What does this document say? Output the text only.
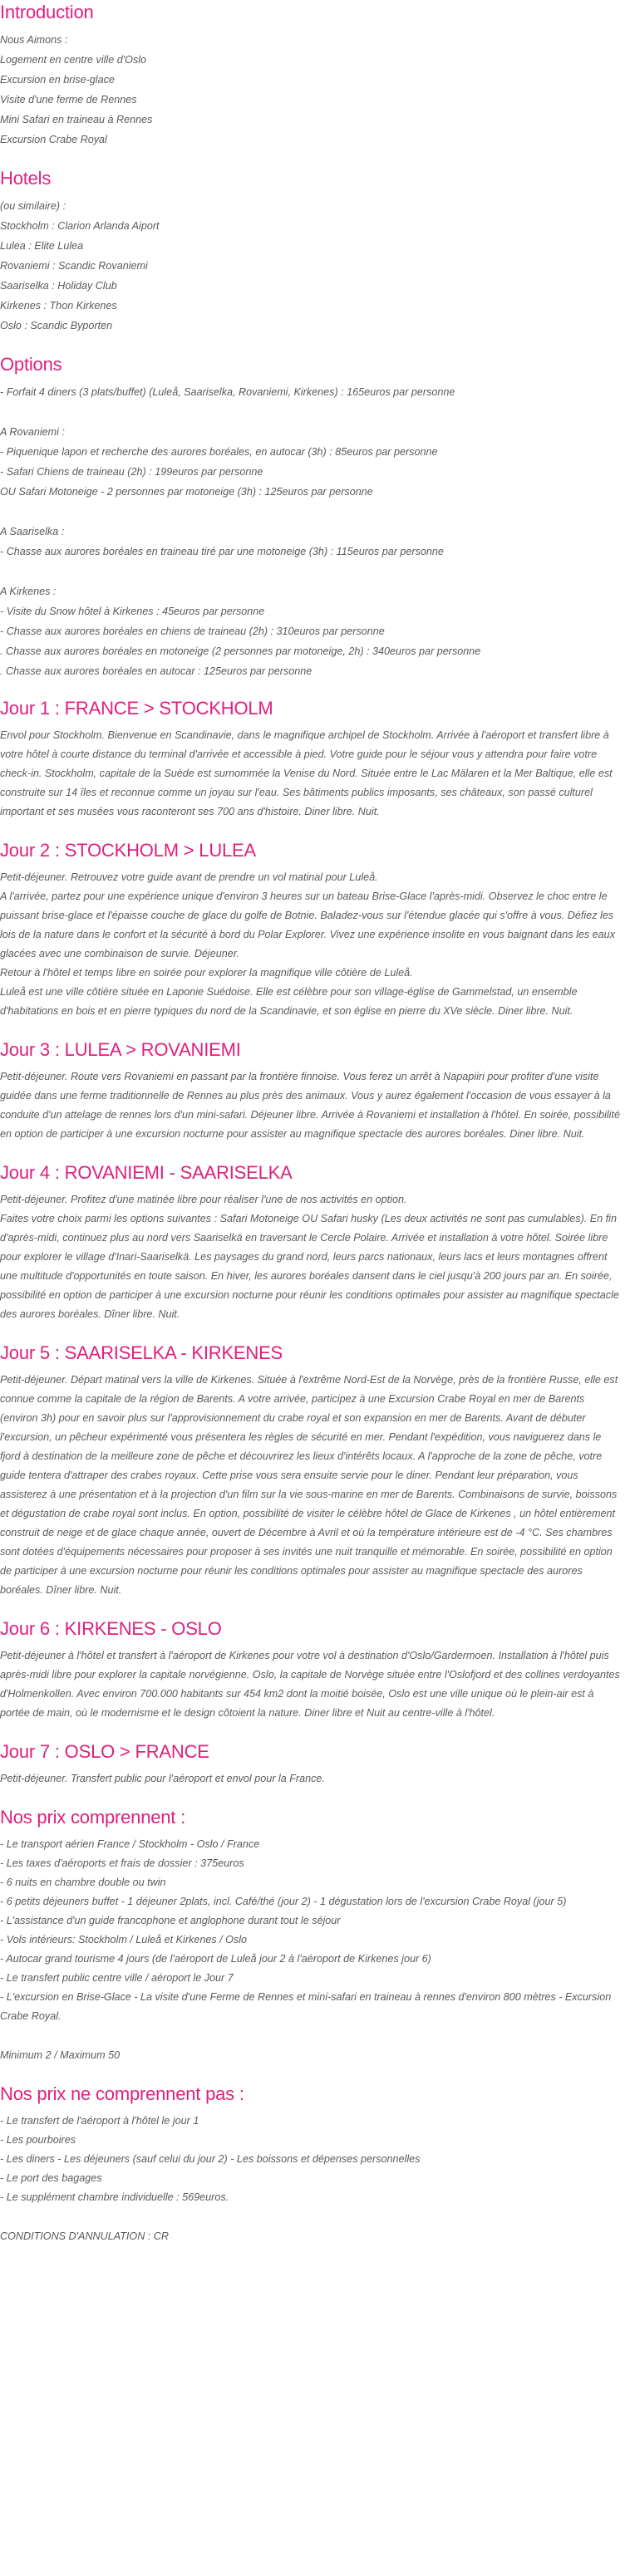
Introduction

Nous Aimons :

Logement en centre ville d'Oslo

Excursion en brise-glace

Visite d'une ferme de Rennes

Mini Safari en traineau à Rennes

Excursion Crabe Royal

Hotels

(ou similaire) :

Stockholm : Clarion Arlanda Aiport

Lulea : Elite Lulea

Rovaniemi : Scandic Rovaniemi

Saariselka : Holiday Club

Kirkenes : Thon Kirkenes

Oslo : Scandic Byporten

Options

- Forfait 4 diners (3 plats/buffet) (Luleå, Saariselka, Rovaniemi, Kirkenes) : 165euros par personne

A Rovaniemi :

- Piquenique lapon et recherche des aurores boréales, en autocar (3h) : 85euros par personne

- Safari Chiens de traineau (2h) : 199euros par personne

OU Safari Motoneige - 2 personnes par motoneige (3h) : 125euros par personne

A Saariselka :

- Chasse aux aurores boréales en traineau tiré par une motoneige (3h) : 115euros par personne

A Kirkenes :

- Visite du Snow hôtel à Kirkenes : 45euros par personne

- Chasse aux aurores boréales en chiens de traineau (2h) : 310euros par personne

. Chasse aux aurores boréales en motoneige (2 personnes par motoneige, 2h) : 340euros par personne

. Chasse aux aurores boréales en autocar : 125euros par personne

Jour 1 : FRANCE > STOCKHOLM

Envol pour Stockholm. Bienvenue en Scandinavie, dans le magnifique archipel de Stockholm. Arrivée à l'aéroport et transfert libre à votre hôtel à courte distance du terminal d'arrivée et accessible à pied. Votre guide pour le séjour vous y attendra pour faire votre check-in. Stockholm, capitale de la Suède est surnommée la Venise du Nord. Située entre le Lac Mälaren et la Mer Baltique, elle est construite sur 14 îles et reconnue comme un joyau sur l'eau. Ses bâtiments publics imposants, ses châteaux, son passé culturel important et ses musées vous raconteront ses 700 ans d'histoire. Diner libre. Nuit.

Jour 2 : STOCKHOLM > LULEA

Petit-déjeuner. Retrouvez votre guide avant de prendre un vol matinal pour Luleå.

A l'arrivée, partez pour une expérience unique d'environ 3 heures sur un bateau Brise-Glace l'après-midi. Observez le choc entre le puissant brise-glace et l'épaisse couche de glace du golfe de Botnie. Baladez-vous sur l'étendue glacée qui s'offre à vous. Défiez les lois de la nature dans le confort et la sécurité à bord du Polar Explorer. Vivez une expérience insolite en vous baignant dans les eaux glacées avec une combinaison de survie. Déjeuner.

Retour à l'hôtel et temps libre en soirée pour explorer la magnifique ville côtière de Luleå.

Luleå est une ville côtière située en Laponie Suédoise. Elle est célèbre pour son village-église de Gammelstad, un ensemble d'habitations en bois et en pierre typiques du nord de la Scandinavie, et son église en pierre du XVe siècle. Diner libre. Nuit.

Jour 3 : LULEA > ROVANIEMI

Petit-déjeuner. Route vers Rovaniemi en passant par la frontière finnoise. Vous ferez un arrêt à Napapiiri pour profiter d'une visite guidée dans une ferme traditionnelle de Rennes au plus près des animaux. Vous y aurez également l'occasion de vous essayer à la conduite d'un attelage de rennes lors d'un mini-safari. Déjeuner libre. Arrivée à Rovaniemi et installation à l'hôtel. En soirée, possibilité en option de participer à une excursion nocturne pour assister au magnifique spectacle des aurores boréales. Diner libre. Nuit.

Jour 4 : ROVANIEMI - SAARISELKA

Petit-déjeuner. Profitez d'une matinée libre pour réaliser l'une de nos activités en option.

Faites votre choix parmi les options suivantes : Safari Motoneige OU Safari husky (Les deux activités ne sont pas cumulables). En fin d'après-midi, continuez plus au nord vers Saariselkä en traversant le Cercle Polaire. Arrivée et installation à votre hôtel. Soirée libre pour explorer le village d'Inari-Saariselkä. Les paysages du grand nord, leurs parcs nationaux, leurs lacs et leurs montagnes offrent une multitude d'opportunités en toute saison. En hiver, les aurores boréales dansent dans le ciel jusqu'à 200 jours par an. En soirée, possibilité en option de participer à une excursion nocturne pour réunir les conditions optimales pour assister au magnifique spectacle des aurores boréales. Dîner libre. Nuit.

Jour 5 : SAARISELKA - KIRKENES

Petit-déjeuner. Départ matinal vers la ville de Kirkenes. Située à l'extrême Nord-Est de la Norvège, près de la frontière Russe, elle est connue comme la capitale de la région de Barents. A votre arrivée, participez à une Excursion Crabe Royal en mer de Barents (environ 3h) pour en savoir plus sur l'approvisionnement du crabe royal et son expansion en mer de Barents. Avant de débuter l'excursion, un pêcheur expérimenté vous présentera les règles de sécurité en mer. Pendant l'expédition, vous naviguerez dans le fjord à destination de la meilleure zone de pêche et découvrirez les lieux d'intérêts locaux. A l'approche de la zone de pêche, votre guide tentera d'attraper des crabes royaux. Cette prise vous sera ensuite servie pour le diner. Pendant leur préparation, vous assisterez à une présentation et à la projection d'un film sur la vie sous-marine en mer de Barents. Combinaisons de survie, boissons et dégustation de crabe royal sont inclus. En option, possibilité de visiter le célèbre hôtel de Glace de Kirkenes , un hôtel entièrement construit de neige et de glace chaque année, ouvert de Décembre à Avril et où la température intérieure est de -4 °C. Ses chambres sont dotées d'équipements nécessaires pour proposer à ses invités une nuit tranquille et mémorable. En soirée, possibilité en option de participer à une excursion nocturne pour réunir les conditions optimales pour assister au magnifique spectacle des aurores boréales. Dîner libre. Nuit.

Jour 6 : KIRKENES - OSLO

Petit-déjeuner à l'hôtel et transfert à l'aéroport de Kirkenes pour votre vol à destination d'Oslo/Gardermoen. Installation à l'hôtel puis après-midi libre pour explorer la capitale norvégienne. Oslo, la capitale de Norvège située entre l'Oslofjord et des collines verdoyantes d'Holmenkollen. Avec environ 700.000 habitants sur 454 km2 dont la moitié boisée, Oslo est une ville unique où le plein-air est à portée de main, où le modernisme et le design côtoient la nature. Diner libre et Nuit au centre-ville à l'hôtel.

Jour 7 : OSLO > FRANCE

Petit-déjeuner. Transfert public pour l'aéroport et envol pour la France.

Nos prix comprennent :

- Le transport aérien France / Stockholm - Oslo / France

- Les taxes d'aéroports et frais de dossier : 375euros

- 6 nuits en chambre double ou twin

- 6 petits déjeuners buffet - 1 déjeuner 2plats, incl. Café/thé (jour 2) - 1 dégustation lors de l'excursion Crabe Royal (jour 5)

- L'assistance d'un guide francophone et anglophone durant tout le séjour

- Vols intérieurs: Stockholm / Luleå et Kirkenes / Oslo

- Autocar grand tourisme 4 jours (de l'aéroport de Luleå jour 2 à l'aéroport de Kirkenes jour 6)

- Le transfert public centre ville / aéroport le Jour 7

- L'excursion en Brise-Glace - La visite d'une Ferme de Rennes et mini-safari en traineau à rennes d'environ 800 mètres - Excursion Crabe Royal.

Minimum 2 / Maximum 50

Nos prix ne comprennent pas :

- Le transfert de l'aéroport à l'hôtel le jour 1

- Les pourboires

- Les diners - Les déjeuners (sauf celui du jour 2) - Les boissons et dépenses personnelles

- Le port des bagages

- Le supplément chambre individuelle : 569euros.

CONDITIONS D'ANNULATION : CR
